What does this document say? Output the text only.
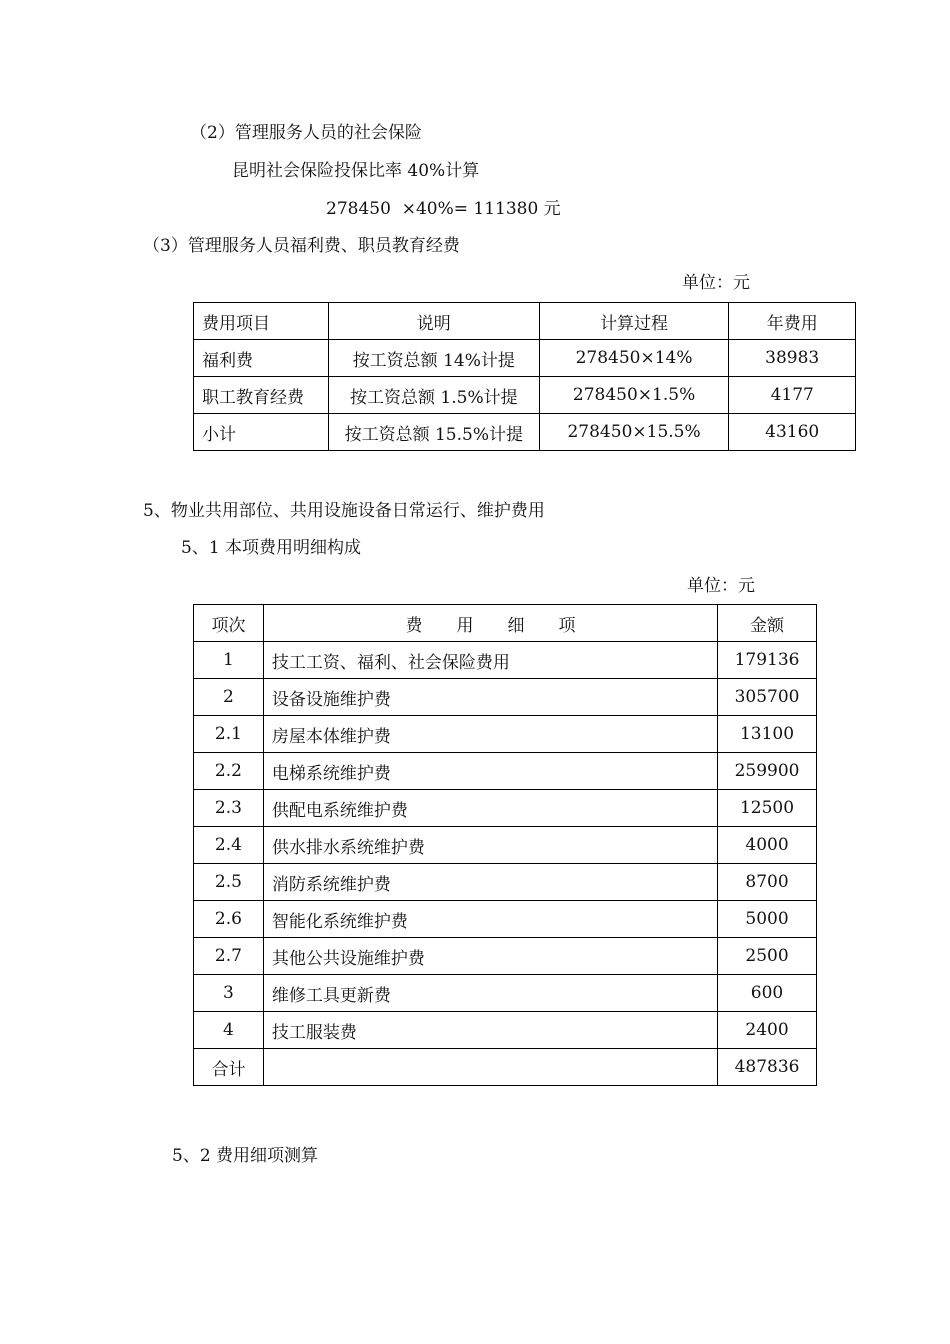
（2）管理服务人员的社会保险
昆明社会保险投保比率 40%计算
278450  ×40%= 111380 元
（3）管理服务人员福利费、职员教育经费
单位：元
费用项目	说明	计算过程	年费用
福利费	按工资总额 14%计提	278450×14%	38983
职工教育经费	按工资总额 1.5%计提	278450×1.5%	4177
小计	按工资总额 15.5%计提	278450×15.5%	43160
5、物业共用部位、共用设施设备日常运行、维护费用
5、1 本项费用明细构成
单位：元
项次	费　　用　　细　　项	金额
1	技工工资、福利、社会保险费用	179136
2	设备设施维护费	305700
2.1	房屋本体维护费	13100
2.2	电梯系统维护费	259900
2.3	供配电系统维护费	12500
2.4	供水排水系统维护费	4000
2.5	消防系统维护费	8700
2.6	智能化系统维护费	5000
2.7	其他公共设施维护费	2500
3	维修工具更新费	600
4	技工服装费	2400
合计		487836
5、2 费用细项测算
